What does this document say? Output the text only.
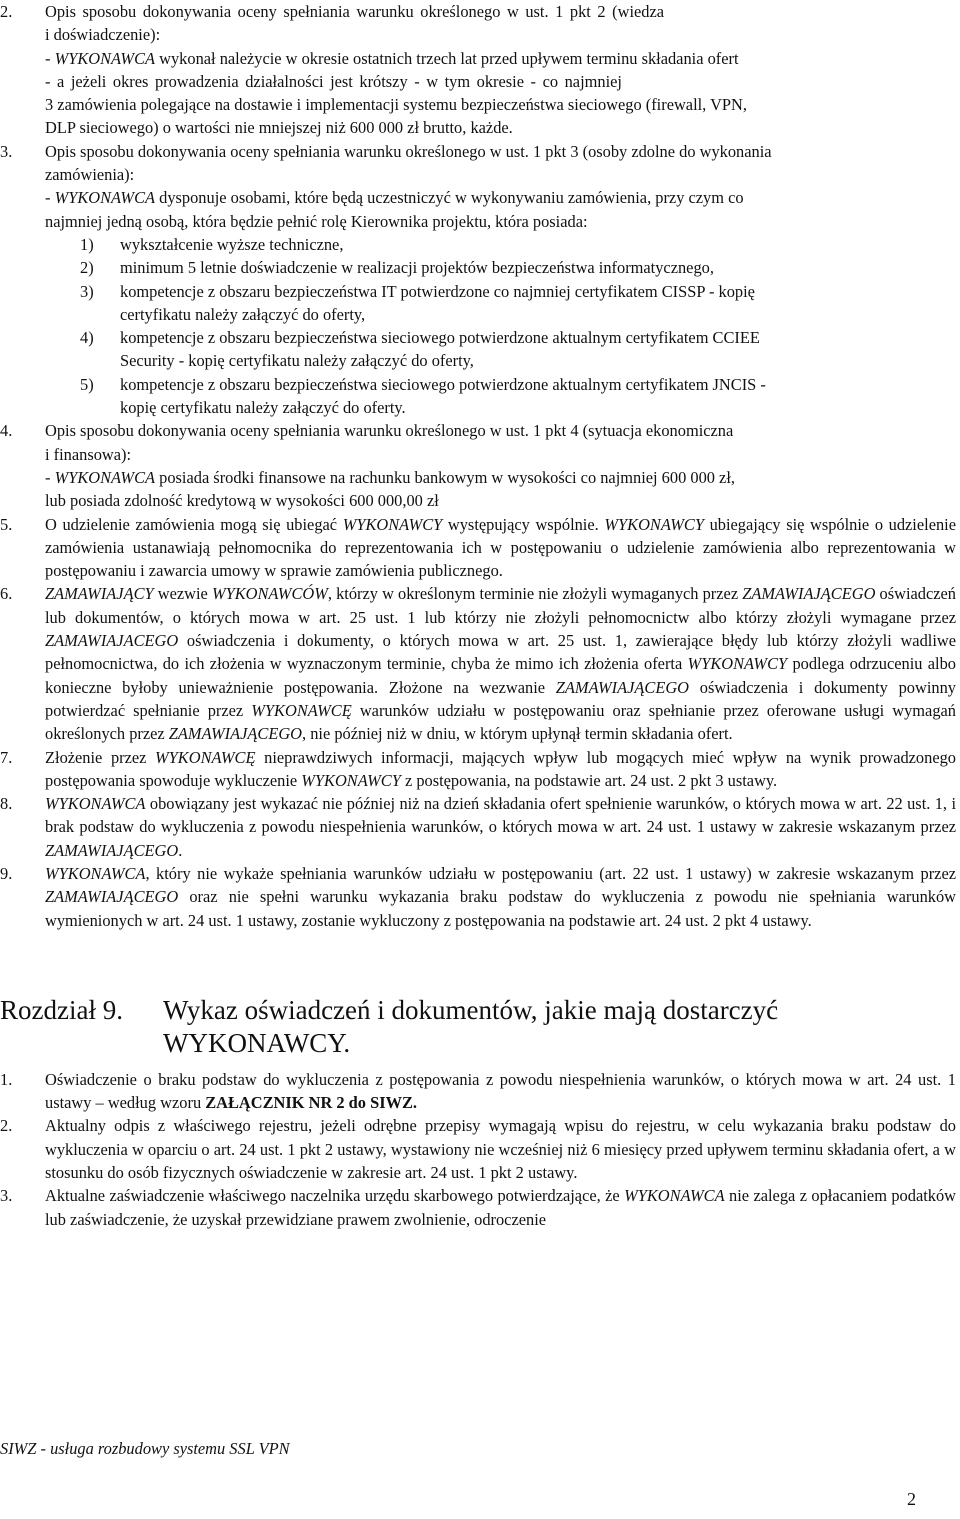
2. Opis sposobu dokonywania oceny spełniania warunku określonego w ust. 1 pkt 2 (wiedza
i doświadczenie):
- WYKONAWCA wykonał należycie w okresie ostatnich trzech lat przed upływem terminu składania ofert
- a jeżeli okres prowadzenia działalności jest krótszy - w tym okresie - co najmniej
3 zamówienia polegające na dostawie i implementacji systemu bezpieczeństwa sieciowego (firewall, VPN,
DLP sieciowego) o wartości nie mniejszej niż 600 000 zł brutto, każde.
3. Opis sposobu dokonywania oceny spełniania warunku określonego w ust. 1 pkt 3 (osoby zdolne do wykonania
zamówienia):
- WYKONAWCA dysponuje osobami, które będą uczestniczyć w wykonywaniu zamówienia, przy czym co
najmniej jedną osobą, która będzie pełnić rolę Kierownika projektu, która posiada:
1) wykształcenie wyższe techniczne,
2) minimum 5 letnie doświadczenie w realizacji projektów bezpieczeństwa informatycznego,
3) kompetencje z obszaru bezpieczeństwa IT potwierdzone co najmniej certyfikatem CISSP - kopię
certyfikatu należy załączyć do oferty,
4) kompetencje z obszaru bezpieczeństwa sieciowego potwierdzone aktualnym certyfikatem CCIEE
Security - kopię certyfikatu należy załączyć do oferty,
5) kompetencje z obszaru bezpieczeństwa sieciowego potwierdzone aktualnym certyfikatem JNCIS -
kopię certyfikatu należy załączyć do oferty.
4. Opis sposobu dokonywania oceny spełniania warunku określonego w ust. 1 pkt 4 (sytuacja ekonomiczna
i finansowa):
- WYKONAWCA posiada środki finansowe na rachunku bankowym w wysokości co najmniej 600 000 zł,
lub posiada zdolność kredytową w wysokości 600 000,00 zł
5. O udzielenie zamówienia mogą się ubiegać WYKONAWCY występujący wspólnie. WYKONAWCY ubiegający się wspólnie o udzielenie zamówienia ustanawiają pełnomocnika do reprezentowania ich w postępowaniu o udzielenie zamówienia albo reprezentowania w postępowaniu i zawarcia umowy w sprawie zamówienia publicznego.
6. ZAMAWIAJĄCY wezwie WYKONAWCÓW, którzy w określonym terminie nie złożyli wymaganych przez ZAMAWIAJĄCEGO oświadczeń lub dokumentów, o których mowa w art. 25 ust. 1 lub którzy nie złożyli pełnomocnictw albo którzy złożyli wymagane przez ZAMAWIAJACEGO oświadczenia i dokumenty, o których mowa w art. 25 ust. 1, zawierające błędy lub którzy złożyli wadliwe pełnomocnictwa, do ich złożenia w wyznaczonym terminie, chyba że mimo ich złożenia oferta WYKONAWCY podlega odrzuceniu albo konieczne byłoby unieważnienie postępowania. Złożone na wezwanie ZAMAWIAJĄCEGO oświadczenia i dokumenty powinny potwierdzać spełnianie przez WYKONAWCĘ warunków udziału w postępowaniu oraz spełnianie przez oferowane usługi wymagań określonych przez ZAMAWIAJĄCEGO, nie później niż w dniu, w którym upłynął termin składania ofert.
7. Złożenie przez WYKONAWCĘ nieprawdziwych informacji, mających wpływ lub mogących mieć wpływ na wynik prowadzonego postępowania spowoduje wykluczenie WYKONAWCY z postępowania, na podstawie art. 24 ust. 2 pkt 3 ustawy.
8. WYKONAWCA obowiązany jest wykazać nie później niż na dzień składania ofert spełnienie warunków, o których mowa w art. 22 ust. 1, i brak podstaw do wykluczenia z powodu niespełnienia warunków, o których mowa w art. 24 ust. 1 ustawy w zakresie wskazanym przez ZAMAWIAJĄCEGO.
9. WYKONAWCA, który nie wykaże spełniania warunków udziału w postępowaniu (art. 22 ust. 1 ustawy) w zakresie wskazanym przez ZAMAWIAJĄCEGO oraz nie spełni warunku wykazania braku podstaw do wykluczenia z powodu nie spełniania warunków wymienionych w art. 24 ust. 1 ustawy, zostanie wykluczony z postępowania na podstawie art. 24 ust. 2 pkt 4 ustawy.
Rozdział 9. Wykaz oświadczeń i dokumentów, jakie mają dostarczyć WYKONAWCY.
1. Oświadczenie o braku podstaw do wykluczenia z postępowania z powodu niespełnienia warunków, o których mowa w art. 24 ust. 1 ustawy – według wzoru ZAŁĄCZNIK NR 2 do SIWZ.
2. Aktualny odpis z właściwego rejestru, jeżeli odrębne przepisy wymagają wpisu do rejestru, w celu wykazania braku podstaw do wykluczenia w oparciu o art. 24 ust. 1 pkt 2 ustawy, wystawiony nie wcześniej niż 6 miesięcy przed upływem terminu składania ofert, a w stosunku do osób fizycznych oświadczenie w zakresie art. 24 ust. 1 pkt 2 ustawy.
3. Aktualne zaświadczenie właściwego naczelnika urzędu skarbowego potwierdzające, że WYKONAWCA nie zalega z opłacaniem podatków lub zaświadczenie, że uzyskał przewidziane prawem zwolnienie, odroczenie
SIWZ - usługa rozbudowy systemu SSL VPN
2
